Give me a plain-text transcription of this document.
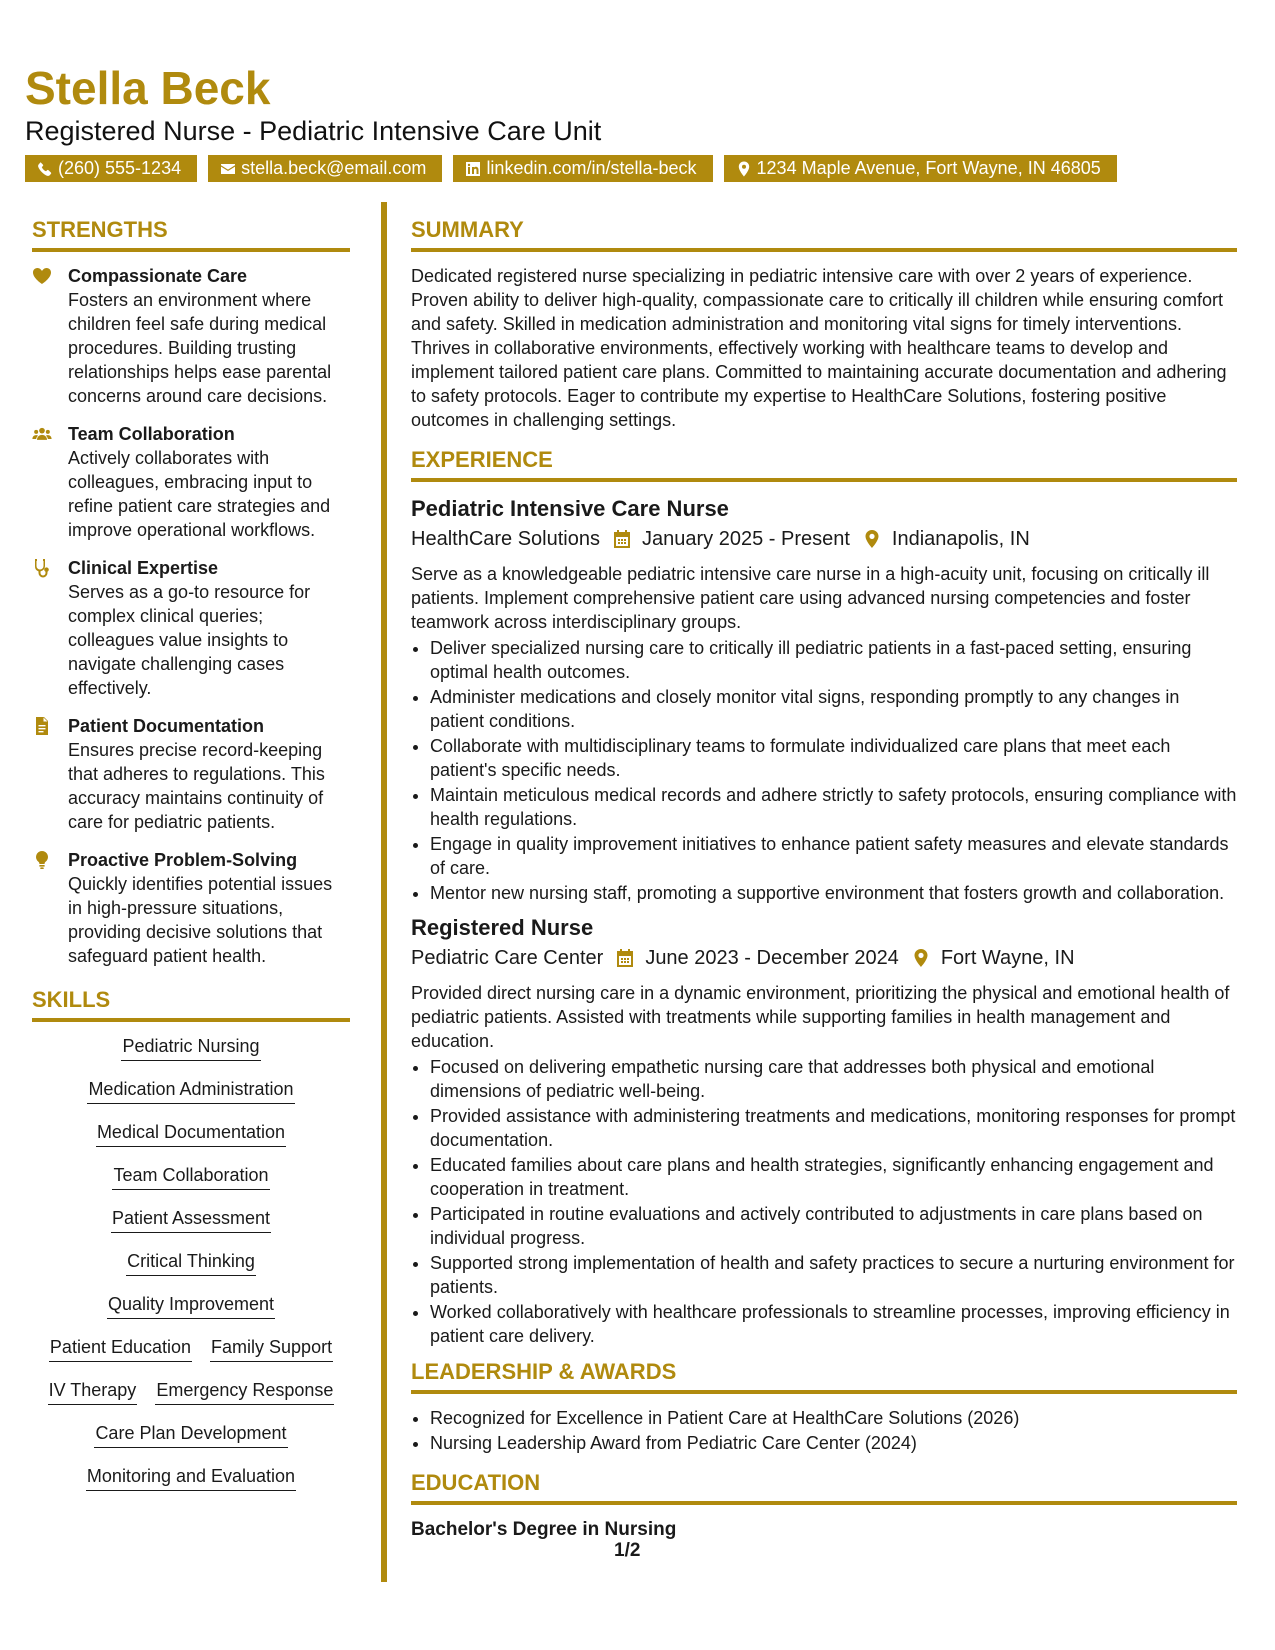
Stella Beck
Registered Nurse - Pediatric Intensive Care Unit
(260) 555-1234	stella.beck@email.com	linkedin.com/in/stella-beck	1234 Maple Avenue, Fort Wayne, IN 46805
STRENGTHS
Compassionate Care
Fosters an environment where children feel safe during medical procedures. Building trusting relationships helps ease parental concerns around care decisions.
Team Collaboration
Actively collaborates with colleagues, embracing input to refine patient care strategies and improve operational workflows.
Clinical Expertise
Serves as a go-to resource for complex clinical queries; colleagues value insights to navigate challenging cases effectively.
Patient Documentation
Ensures precise record-keeping that adheres to regulations. This accuracy maintains continuity of care for pediatric patients.
Proactive Problem-Solving
Quickly identifies potential issues in high-pressure situations, providing decisive solutions that safeguard patient health.
SKILLS
Pediatric Nursing
Medication Administration
Medical Documentation
Team Collaboration
Patient Assessment
Critical Thinking
Quality Improvement
Patient Education Family Support
IV Therapy Emergency Response
Care Plan Development
Monitoring and Evaluation
SUMMARY
Dedicated registered nurse specializing in pediatric intensive care with over 2 years of experience. Proven ability to deliver high-quality, compassionate care to critically ill children while ensuring comfort and safety. Skilled in medication administration and monitoring vital signs for timely interventions. Thrives in collaborative environments, effectively working with healthcare teams to develop and implement tailored patient care plans. Committed to maintaining accurate documentation and adhering to safety protocols. Eager to contribute my expertise to HealthCare Solutions, fostering positive outcomes in challenging settings.
EXPERIENCE
Pediatric Intensive Care Nurse
HealthCare Solutions January 2025 - Present Indianapolis, IN
Serve as a knowledgeable pediatric intensive care nurse in a high-acuity unit, focusing on critically ill patients. Implement comprehensive patient care using advanced nursing competencies and foster teamwork across interdisciplinary groups.
• Deliver specialized nursing care to critically ill pediatric patients in a fast-paced setting, ensuring optimal health outcomes.
• Administer medications and closely monitor vital signs, responding promptly to any changes in patient conditions.
• Collaborate with multidisciplinary teams to formulate individualized care plans that meet each patient's specific needs.
• Maintain meticulous medical records and adhere strictly to safety protocols, ensuring compliance with health regulations.
• Engage in quality improvement initiatives to enhance patient safety measures and elevate standards of care.
• Mentor new nursing staff, promoting a supportive environment that fosters growth and collaboration.
Registered Nurse
Pediatric Care Center June 2023 - December 2024 Fort Wayne, IN
Provided direct nursing care in a dynamic environment, prioritizing the physical and emotional health of pediatric patients. Assisted with treatments while supporting families in health management and education.
• Focused on delivering empathetic nursing care that addresses both physical and emotional dimensions of pediatric well-being.
• Provided assistance with administering treatments and medications, monitoring responses for prompt documentation.
• Educated families about care plans and health strategies, significantly enhancing engagement and cooperation in treatment.
• Participated in routine evaluations and actively contributed to adjustments in care plans based on individual progress.
• Supported strong implementation of health and safety practices to secure a nurturing environment for patients.
• Worked collaboratively with healthcare professionals to streamline processes, improving efficiency in patient care delivery.
LEADERSHIP & AWARDS
• Recognized for Excellence in Patient Care at HealthCare Solutions (2026)
• Nursing Leadership Award from Pediatric Care Center (2024)
EDUCATION
Bachelor's Degree in Nursing
1/2
